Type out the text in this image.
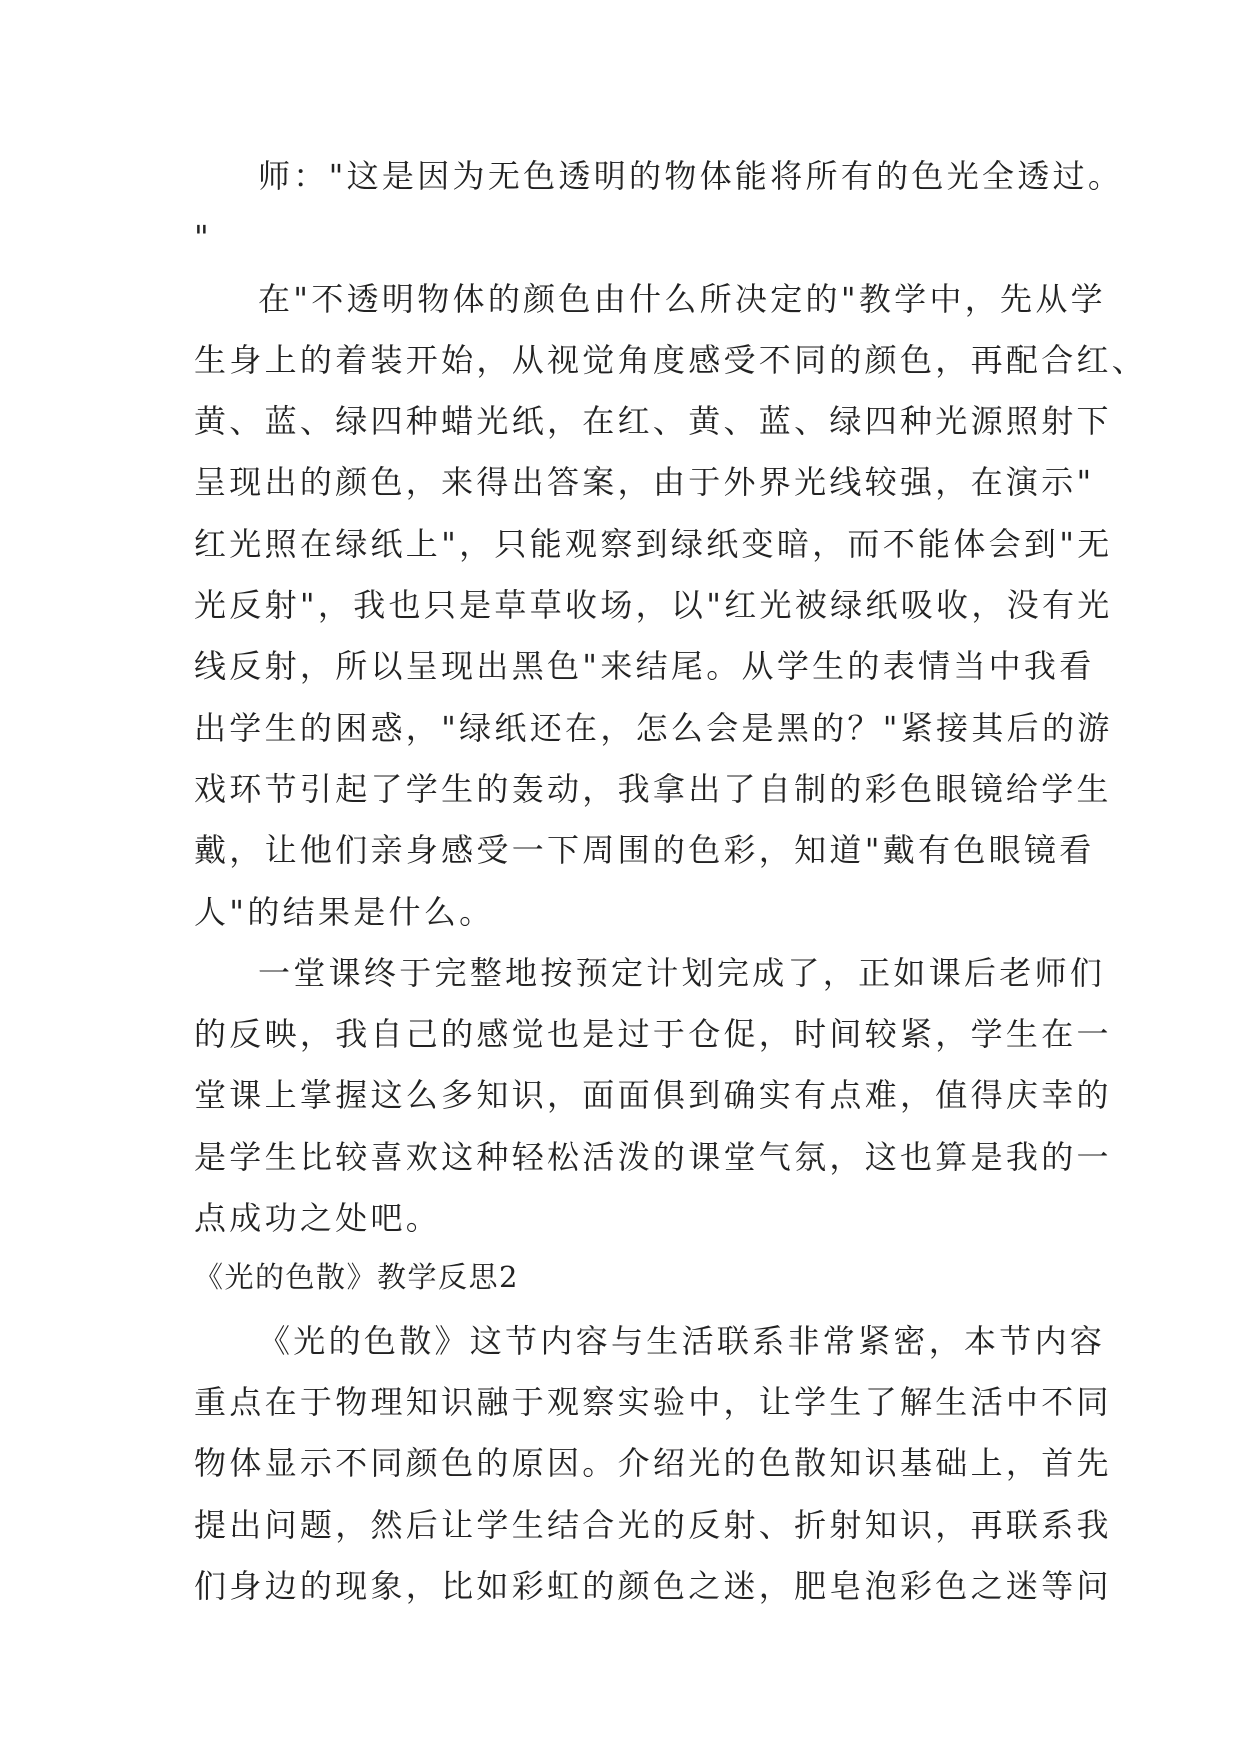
师："这是因为无色透明的物体能将所有的色光全透过。
"
在"不透明物体的颜色由什么所决定的"教学中，先从学
生身上的着装开始，从视觉角度感受不同的颜色，再配合红、
黄、蓝、绿四种蜡光纸，在红、黄、蓝、绿四种光源照射下
呈现出的颜色，来得出答案，由于外界光线较强，在演示"
红光照在绿纸上"，只能观察到绿纸变暗，而不能体会到"无
光反射"，我也只是草草收场，以"红光被绿纸吸收，没有光
线反射，所以呈现出黑色"来结尾。从学生的表情当中我看
出学生的困惑，"绿纸还在，怎么会是黑的？"紧接其后的游
戏环节引起了学生的轰动，我拿出了自制的彩色眼镜给学生
戴，让他们亲身感受一下周围的色彩，知道"戴有色眼镜看
人"的结果是什么。
一堂课终于完整地按预定计划完成了，正如课后老师们
的反映，我自己的感觉也是过于仓促，时间较紧，学生在一
堂课上掌握这么多知识，面面俱到确实有点难，值得庆幸的
是学生比较喜欢这种轻松活泼的课堂气氛，这也算是我的一
点成功之处吧。
《光的色散》教学反思2
《光的色散》这节内容与生活联系非常紧密，本节内容
重点在于物理知识融于观察实验中，让学生了解生活中不同
物体显示不同颜色的原因。介绍光的色散知识基础上，首先
提出问题，然后让学生结合光的反射、折射知识，再联系我
们身边的现象，比如彩虹的颜色之迷，肥皂泡彩色之迷等问
